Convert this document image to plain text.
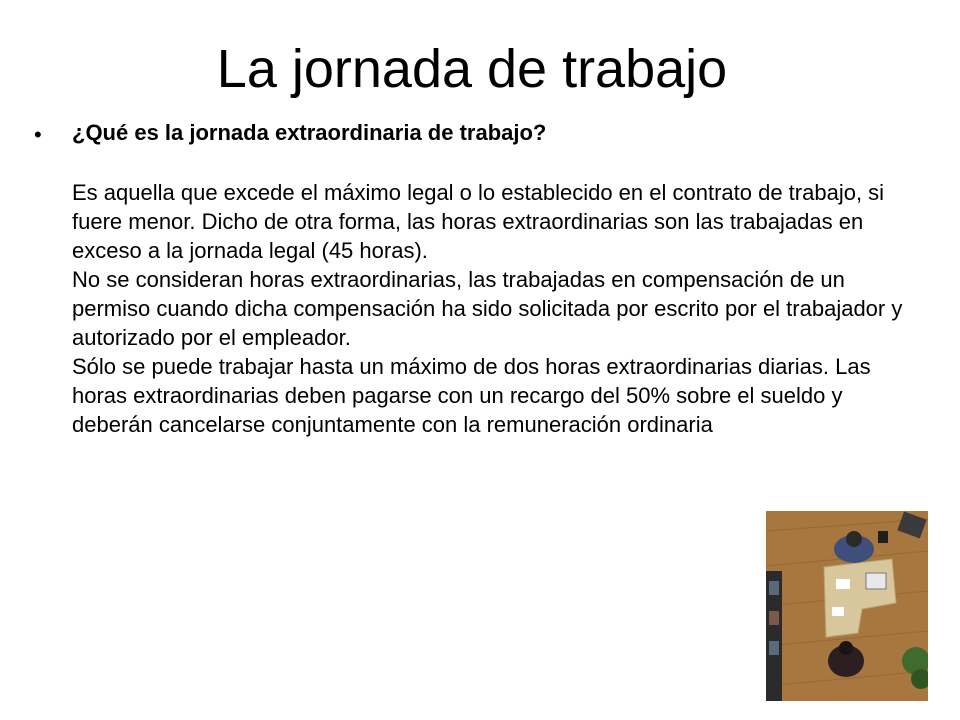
La jornada de trabajo
• ¿Qué es la jornada extraordinaria de trabajo?

Es aquella que excede el máximo legal o lo establecido en el contrato de trabajo, si fuere menor. Dicho de otra forma, las horas extraordinarias son las trabajadas en exceso a la jornada legal (45 horas).

No se consideran horas extraordinarias, las trabajadas en compensación de un permiso cuando dicha compensación ha sido solicitada por escrito por el trabajador y autorizado por el empleador.

Sólo se puede trabajar hasta un máximo de dos horas extraordinarias diarias. Las horas extraordinarias deben pagarse con un recargo del 50% sobre el sueldo y deberán cancelarse conjuntamente con la remuneración ordinaria
